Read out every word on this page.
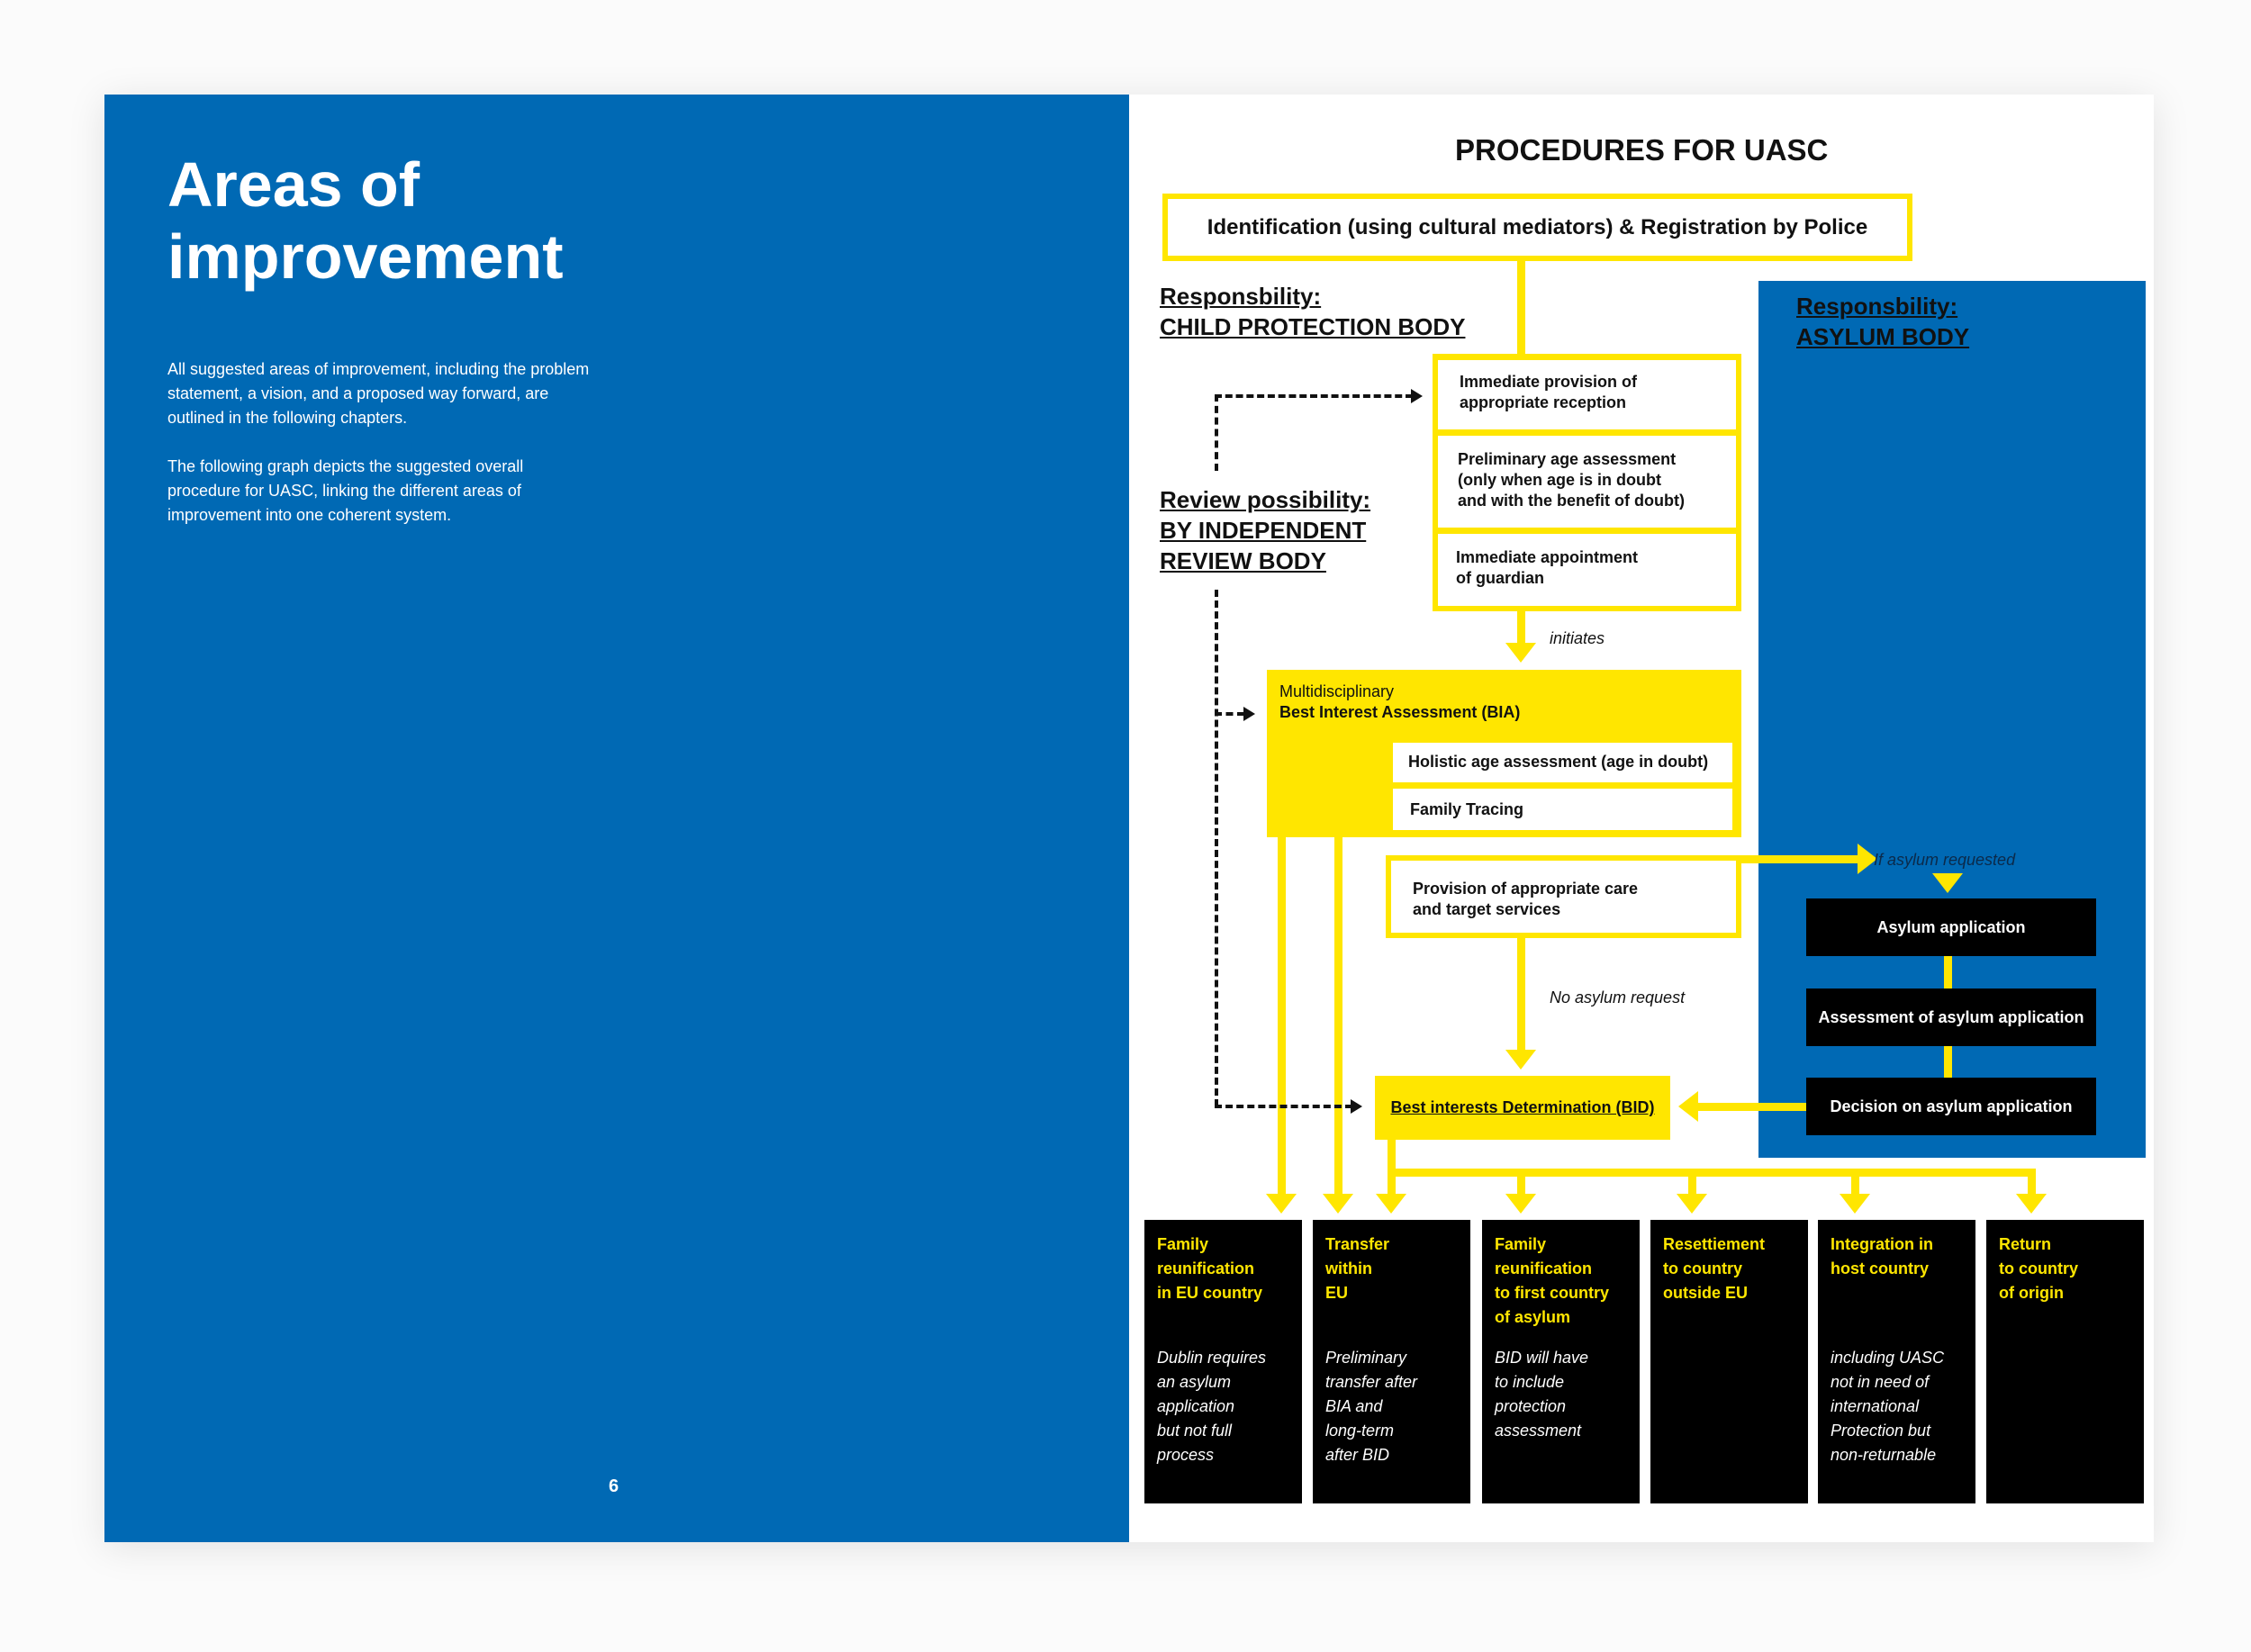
Areas of
improvement

All suggested areas of improvement, including the problem statement, a vision, and a proposed way forward, are outlined in the following chapters.

The following graph depicts the suggested overall procedure for UASC, linking the different areas of improvement into one coherent system.

6
PROCEDURES FOR UASC
Identification (using cultural mediators) & Registration by Police
Responsbility:
CHILD PROTECTION BODY
Responsbility:
ASYLUM BODY
Review possibility:
BY INDEPENDENT
REVIEW BODY
Immediate provision of
appropriate reception
Preliminary age assessment
(only when age is in doubt
and with the benefit of doubt)
Immediate appointment
of guardian
initiates
Multidisciplinary
Best Interest Assessment (BIA)
Holistic age assessment (age in doubt)
Family Tracing
Provision of appropriate care
and target services
If asylum requested
Asylum application
Assessment of asylum application
Decision on asylum application
No asylum request
Best interests Determination (BID)
Family
reunification
in EU country
Dublin requires
an asylum
application
but not full
process
Transfer
within
EU
Preliminary
transfer after
BIA and
long-term
after BID
Family
reunification
to first country
of asylum
BID will have
to include
protection
assessment
Resettiement
to country
outside EU
Integration in
host country
including UASC
not in need of
international
Protection but
non-returnable
Return
to country
of origin
